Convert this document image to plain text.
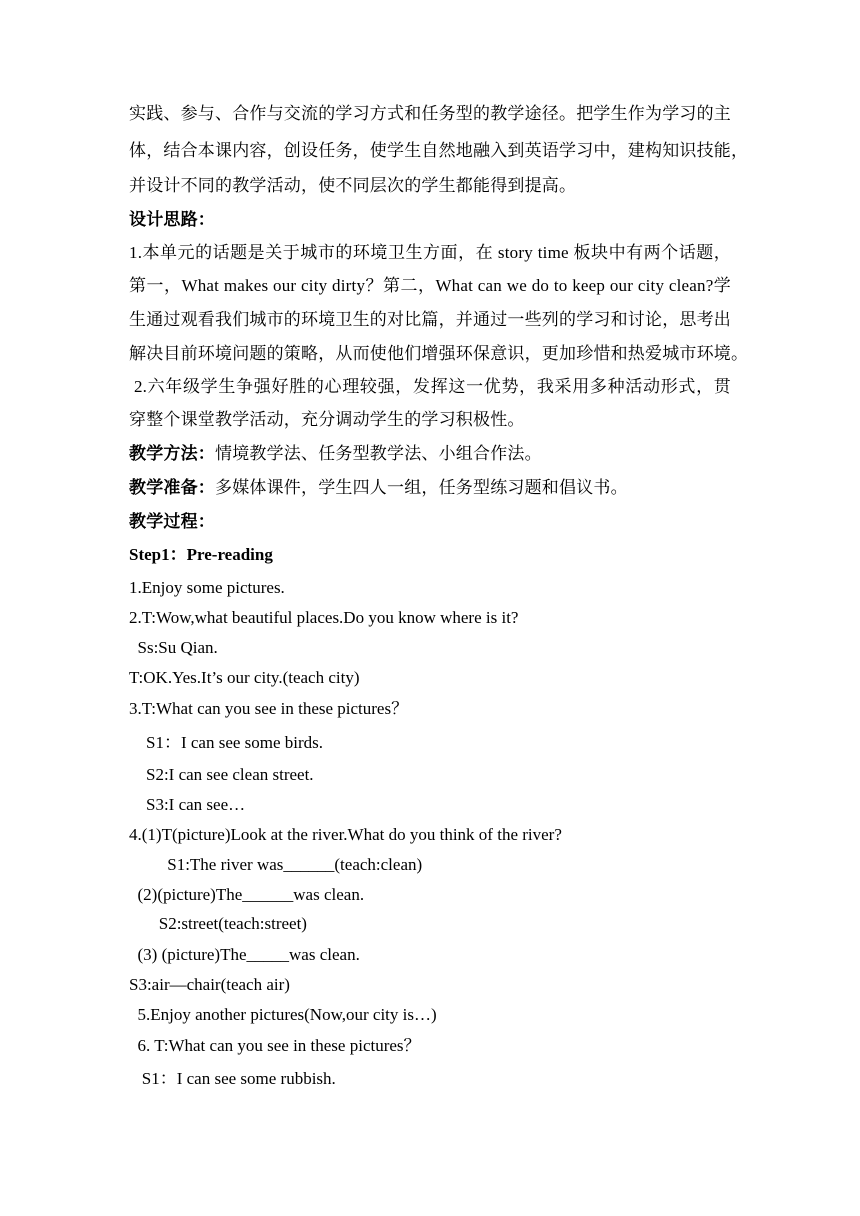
实践、参与、合作与交流的学习方式和任务型的教学途径。把学生作为学习的主
体，结合本课内容，创设任务，使学生自然地融入到英语学习中，建构知识技能，
并设计不同的教学活动，使不同层次的学生都能得到提高。
设计思路：
1.本单元的话题是关于城市的环境卫生方面，在 story time 板块中有两个话题，
第一，What makes our city dirty？第二，What can we do to keep our city clean?学
生通过观看我们城市的环境卫生的对比篇，并通过一些列的学习和讨论，思考出
解决目前环境问题的策略，从而使他们增强环保意识，更加珍惜和热爱城市环境。
2.六年级学生争强好胜的心理较强，发挥这一优势，我采用多种活动形式，贯
穿整个课堂教学活动，充分调动学生的学习积极性。
教学方法：情境教学法、任务型教学法、小组合作法。
教学准备：多媒体课件，学生四人一组，任务型练习题和倡议书。
教学过程：
Step1：Pre-reading
1.Enjoy some pictures.
2.T:Wow,what beautiful places.Do you know where is it?
Ss:Su Qian.
T:OK.Yes.It’s our city.(teach city)
3.T:What can you see in these pictures？
S1：I can see some birds.
S2:I can see clean street.
S3:I can see…
4.(1)T(picture)Look at the river.What do you think of the river?
S1:The river was______(teach:clean)
(2)(picture)The______was clean.
S2:street(teach:street)
(3) (picture)The_____was clean.
S3:air—chair(teach air)
5.Enjoy another pictures(Now,our city is…)
6. T:What can you see in these pictures？
S1：I can see some rubbish.
